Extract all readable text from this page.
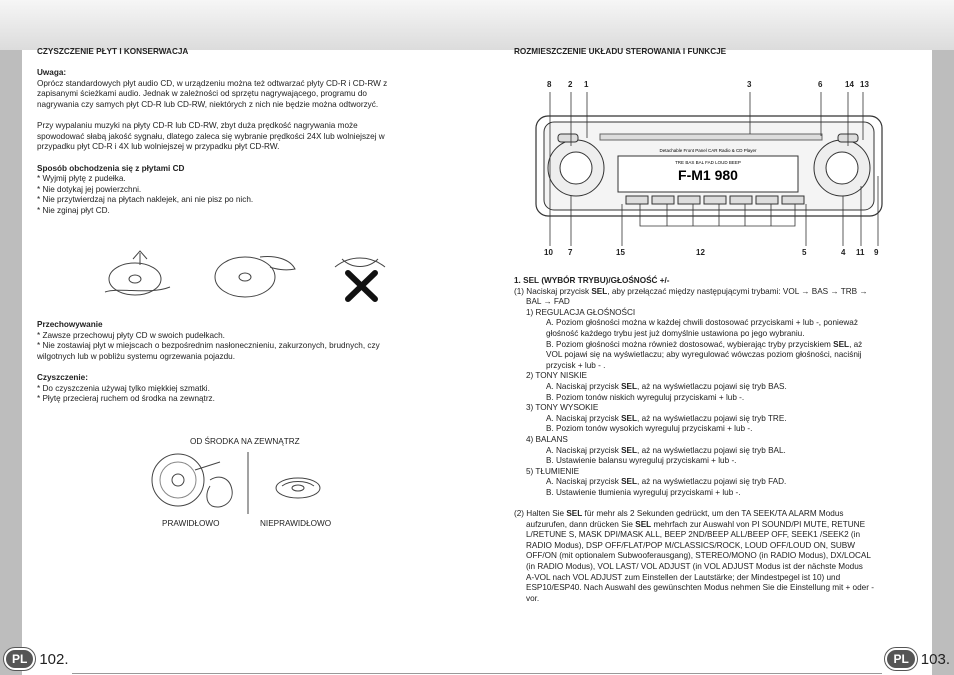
CZYSZCZENIE PŁYT I KONSERWACJA

Uwaga:

Oprócz standardowych płyt audio CD, w urządzeniu można też odtwarzać płyty CD-R i CD-RW z

zapisanymi ścieżkami audio. Jednak w zależności od sprzętu nagrywającego, programu do

nagrywania czy samych płyt CD-R lub CD-RW, niektórych z nich nie będzie można odtworzyć.

Przy wypalaniu muzyki na płyty CD-R lub CD-RW, zbyt duża prędkość nagrywania może

spowodować słabą jakość sygnału, dlatego zaleca się wybranie prędkości 24X lub wolniejszej w

przypadku płyt CD-R i 4X lub wolniejszej w przypadku płyt CD-RW.

Sposób obchodzenia się z płytami CD

* Wyjmij płytę z pudełka.

* Nie dotykaj jej powierzchni.

* Nie przytwierdzaj na płytach naklejek, ani nie pisz po nich.

* Nie zginaj płyt CD.

Przechowywanie

* Zawsze przechowuj płyty CD w swoich pudełkach.

* Nie zostawiaj płyt w miejscach o bezpośrednim nasłonecznieniu, zakurzonych, brudnych, czy

wilgotnych lub w pobliżu systemu ogrzewania pojazdu.

Czyszczenie:

* Do czyszczenia używaj tylko miękkiej szmatki.

* Płytę przecieraj ruchem od środka na zewnątrz.

OD ŚRODKA NA ZEWNĄTRZ
PRAWIDŁOWO	NIEPRAWIDŁOWO
PL 102.

ROZMIESZCZENIE UKŁADU STEROWANIA I FUNKCJE

Detachable Front Panel CAR Radio & CD Player
TRE BAS BAL FAD LOUD BEEP
F-M1 980
8 2 1	3	6	14 13
10 7	15	12	5	4 11 9

1. SEL (WYBÓR TRYBU)/GŁOŚNOŚĆ +/-

(1) Naciskaj przycisk SEL, aby przełączać między następującymi trybami: VOL → BAS → TRB →

BAL → FAD

1) REGULACJA GŁOŚNOŚCI

A. Poziom głośności można w każdej chwili dostosować przyciskami + lub -, ponieważ

głośność każdego trybu jest już domyślnie ustawiona po jego wybraniu.

B. Poziom głośności można również dostosować, wybierając tryby przyciskiem SEL, aż

VOL pojawi się na wyświetlaczu; aby wyregulować wówczas poziom głośności, naciśnij

przycisk + lub - .

2) TONY NISKIE

A. Naciskaj przycisk SEL, aż na wyświetlaczu pojawi się tryb BAS.

B. Poziom tonów niskich wyreguluj przyciskami + lub -.

3) TONY WYSOKIE

A. Naciskaj przycisk SEL, aż na wyświetlaczu pojawi się tryb TRE.

B. Poziom tonów wysokich wyreguluj przyciskami + lub -.

4) BALANS

A. Naciskaj przycisk SEL, aż na wyświetlaczu pojawi się tryb BAL.

B. Ustawienie balansu wyreguluj przyciskami + lub -.

5) TŁUMIENIE

A. Naciskaj przycisk SEL, aż na wyświetlaczu pojawi się tryb FAD.

B. Ustawienie tłumienia wyreguluj przyciskami + lub -.

(2) Halten Sie SEL für mehr als 2 Sekunden gedrückt, um den TA SEEK/TA ALARM Modus

aufzurufen, dann drücken Sie SEL mehrfach zur Auswahl von PI SOUND/PI MUTE, RETUNE

L/RETUNE S, MASK DPI/MASK ALL, BEEP 2ND/BEEP ALL/BEEP OFF, SEEK1 /SEEK2 (in

RADIO Modus), DSP OFF/FLAT/POP M/CLASSICS/ROCK, LOUD OFF/LOUD ON, SUBW

OFF/ON (mit optionalem Subwooferausgang), STEREO/MONO (in RADIO Modus), DX/LOCAL

(in RADIO Modus), VOL LAST/ VOL ADJUST (in VOL ADJUST Modus ist der nächste Modus

A-VOL nach VOL ADJUST zum Einstellen der Lautstärke; der Mindestpegel ist 10) und

ESP10/ESP40. Nach Auswahl des gewünschten Modus nehmen Sie die Einstellung mit + oder -

vor.

PL 103.
